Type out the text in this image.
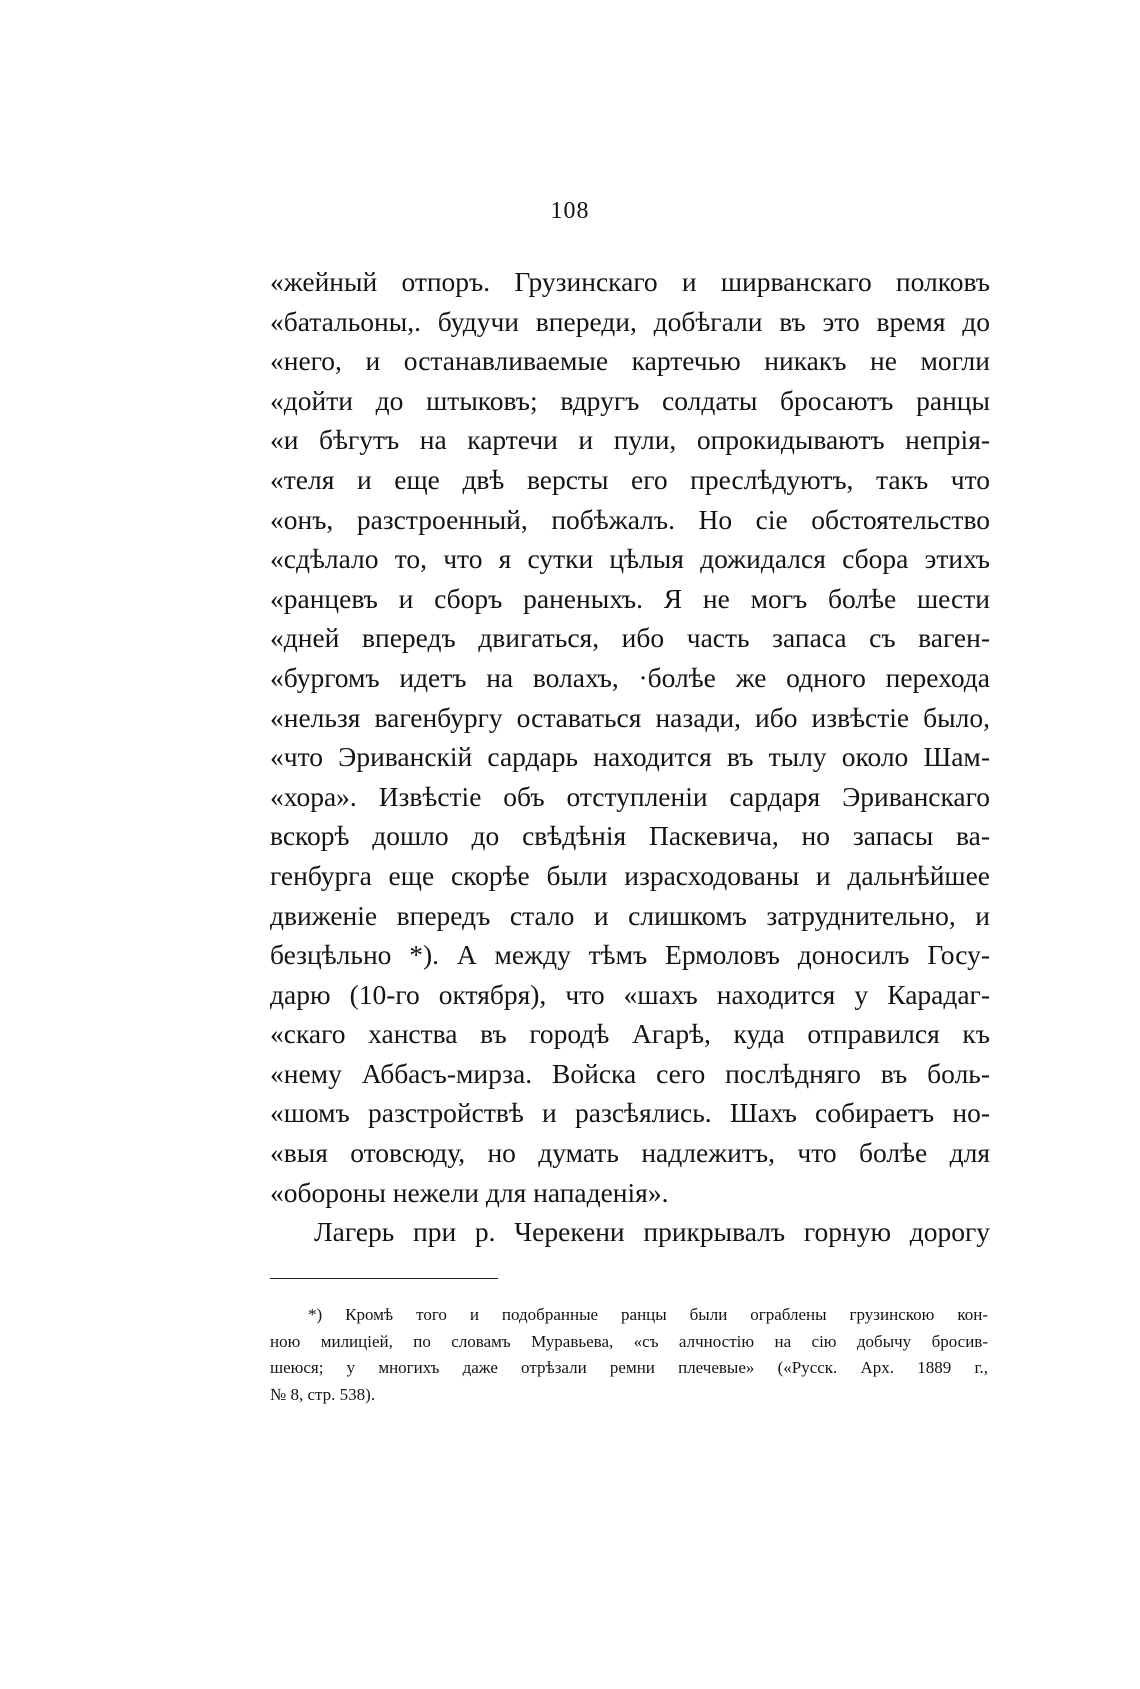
108
«жейный отпоръ. Грузинскаго и ширванскаго полковъ
«батальоны,. будучи впереди, добѣгали въ это время до
«него, и останавливаемые картечью никакъ не могли
«дойти до штыковъ; вдругъ солдаты бросаютъ ранцы
«и бѣгутъ на картечи и пули, опрокидываютъ непрія-
«теля и еще двѣ версты его преслѣдуютъ, такъ что
«онъ, разстроенный, побѣжалъ. Но сіе обстоятельство
«сдѣлало то, что я сутки цѣлыя дожидался сбора этихъ
«ранцевъ и сборъ раненыхъ. Я не могъ болѣе шести
«дней впередъ двигаться, ибо часть запаса съ ваген-
«бургомъ идетъ на волахъ, ·болѣе же одного перехода
«нельзя вагенбургу оставаться назади, ибо извѣстіе было,
«что Эриванскій сардарь находится въ тылу около Шам-
«хора». Извѣстіе объ отступленіи сардаря Эриванскаго
вскорѣ дошло до свѣдѣнія Паскевича, но запасы ва-
генбурга еще скорѣе были израсходованы и дальнѣйшее
движеніе впередъ стало и слишкомъ затруднительно, и
безцѣльно *). А между тѣмъ Ермоловъ доносилъ Госу-
дарю (10-го октября), что «шахъ находится у Карадаг-
«скаго ханства въ городѣ Агарѣ, куда отправился къ
«нему Аббасъ-мирза. Войска сего послѣдняго въ боль-
«шомъ разстройствѣ и разсѣялись. Шахъ собираетъ но-
«выя отовсюду, но думать надлежитъ, что болѣе для
«обороны нежели для нападенія».
Лагерь при р. Черекени прикрывалъ горную дорогу
*) Кромѣ того и подобранные ранцы были ограблены грузинскою кон-
ною милиціей, по словамъ Муравьева, «съ алчностію на сію добычу бросив-
шеюся; у многихъ даже отрѣзали ремни плечевые» («Русск. Арх. 1889 г.,
№ 8, стр. 538).
